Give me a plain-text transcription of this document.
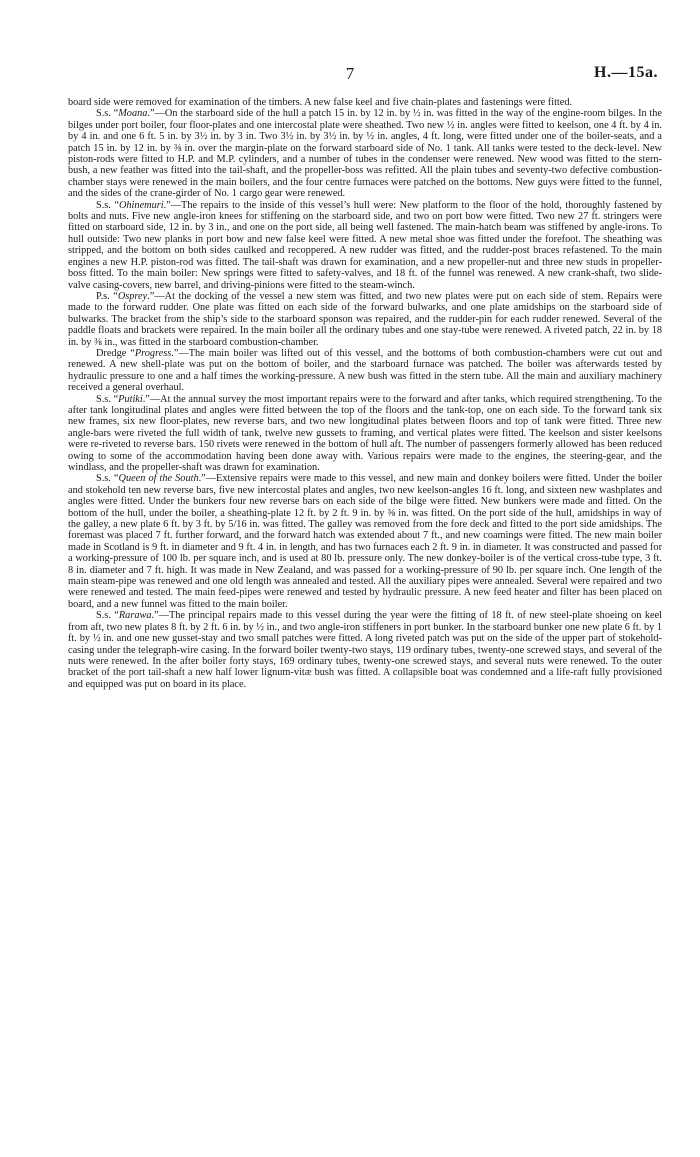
7	H.—15a.

board side were removed for examination of the timbers. A new false keel and five chain-plates and fastenings were fitted.

S.s. “Moana.”—On the starboard side of the hull a patch 15 in. by 12 in. by ½ in. was fitted in the way of the engine-room bilges. In the bilges under port boiler, four floor-plates and one intercostal plate were sheathed. Two new ½ in. angles were fitted to keelson, one 4 ft. by 4 in. by 4 in. and one 6 ft. 5 in. by 3½ in. by 3 in. Two 3½ in. by 3½ in. by ½ in. angles, 4 ft. long, were fitted under one of the boiler-seats, and a patch 15 in. by 12 in. by ⅜ in. over the margin-plate on the forward starboard side of No. 1 tank. All tanks were tested to the deck-level. New piston-rods were fitted to H.P. and M.P. cylinders, and a number of tubes in the condenser were renewed. New wood was fitted to the stern-bush, a new feather was fitted into the tail-shaft, and the propeller-boss was refitted. All the plain tubes and seventy-two defective combustion-chamber stays were renewed in the main boilers, and the four centre furnaces were patched on the bottoms. New guys were fitted to the funnel, and the sides of the crane-girder of No. 1 cargo gear were renewed.

S.s. “Ohinemuri.”—The repairs to the inside of this vessel’s hull were: New platform to the floor of the hold, thoroughly fastened by bolts and nuts. Five new angle-iron knees for stiffening on the starboard side, and two on port bow were fitted. Two new 27 ft. stringers were fitted on starboard side, 12 in. by 3 in., and one on the port side, all being well fastened. The main-hatch beam was stiffened by angle-irons. To hull outside: Two new planks in port bow and new false keel were fitted. A new metal shoe was fitted under the forefoot. The sheathing was stripped, and the bottom on both sides caulked and recoppered. A new rudder was fitted, and the rudder-post braces refastened. To the main engines a new H.P. piston-rod was fitted. The tail-shaft was drawn for examination, and a new propeller-nut and three new studs in propeller-boss fitted. To the main boiler: New springs were fitted to safety-valves, and 18 ft. of the funnel was renewed. A new crank-shaft, two slide-valve casing-covers, new barrel, and driving-pinions were fitted to the steam-winch.

P.s. “Osprey.”—At the docking of the vessel a new stem was fitted, and two new plates were put on each side of stem. Repairs were made to the forward rudder. One plate was fitted on each side of the forward bulwarks, and one plate amidships on the starboard side of bulwarks. The bracket from the ship’s side to the starboard sponson was repaired, and the rudder-pin for each rudder renewed. Several of the paddle floats and brackets were repaired. In the main boiler all the ordinary tubes and one stay-tube were renewed. A riveted patch, 22 in. by 18 in. by ⅜ in., was fitted in the starboard combustion-chamber.

Dredge “Progress.”—The main boiler was lifted out of this vessel, and the bottoms of both combustion-chambers were cut out and renewed. A new shell-plate was put on the bottom of boiler, and the starboard furnace was patched. The boiler was afterwards tested by hydraulic pressure to one and a half times the working-pressure. A new bush was fitted in the stern tube. All the main and auxiliary machinery received a general overhaul.

S.s. “Putiki.”—At the annual survey the most important repairs were to the forward and after tanks, which required strengthening. To the after tank longitudinal plates and angles were fitted between the top of the floors and the tank-top, one on each side. To the forward tank six new frames, six new floor-plates, new reverse bars, and two new longitudinal plates between floors and top of tank were fitted. Three new angle-bars were riveted the full width of tank, twelve new gussets to framing, and vertical plates were fitted. The keelson and sister keelsons were re-riveted to reverse bars. 150 rivets were renewed in the bottom of hull aft. The number of passengers formerly allowed has been reduced owing to some of the accommodation having been done away with. Various repairs were made to the engines, the steering-gear, and the windlass, and the propeller-shaft was drawn for examination.

S.s. “Queen of the South.”—Extensive repairs were made to this vessel, and new main and donkey boilers were fitted. Under the boiler and stokehold ten new reverse bars, five new intercostal plates and angles, two new keelson-angles 16 ft. long, and sixteen new washplates and angles were fitted. Under the bunkers four new reverse bars on each side of the bilge were fitted. New bunkers were made and fitted. On the bottom of the hull, under the boiler, a sheathing-plate 12 ft. by 2 ft. 9 in. by ⅜ in. was fitted. On the port side of the hull, amidships in way of the galley, a new plate 6 ft. by 3 ft. by 5/16 in. was fitted. The galley was removed from the fore deck and fitted to the port side amidships. The foremast was placed 7 ft. further forward, and the forward hatch was extended about 7 ft., and new coamings were fitted. The new main boiler made in Scotland is 9 ft. in diameter and 9 ft. 4 in. in length, and has two furnaces each 2 ft. 9 in. in diameter. It was constructed and passed for a working-pressure of 100 lb. per square inch, and is used at 80 lb. pressure only. The new donkey-boiler is of the vertical cross-tube type, 3 ft. 8 in. diameter and 7 ft. high. It was made in New Zealand, and was passed for a working-pressure of 90 lb. per square inch. One length of the main steam-pipe was renewed and one old length was annealed and tested. All the auxiliary pipes were annealed. Several were repaired and two were renewed and tested. The main feed-pipes were renewed and tested by hydraulic pressure. A new feed heater and filter has been placed on board, and a new funnel was fitted to the main boiler.

S.s. “Rarawa.”—The principal repairs made to this vessel during the year were the fitting of 18 ft. of new steel-plate shoeing on keel from aft, two new plates 8 ft. by 2 ft. 6 in. by ½ in., and two angle-iron stiffeners in port bunker. In the starboard bunker one new plate 6 ft. by 1 ft. by ½ in. and one new gusset-stay and two small patches were fitted. A long riveted patch was put on the side of the upper part of stokehold-casing under the telegraph-wire casing. In the forward boiler twenty-two stays, 119 ordinary tubes, twenty-one screwed stays, and several of the nuts were renewed. In the after boiler forty stays, 169 ordinary tubes, twenty-one screwed stays, and several nuts were renewed. To the outer bracket of the port tail-shaft a new half lower lignum-vitæ bush was fitted. A collapsible boat was condemned and a life-raft fully provisioned and equipped was put on board in its place.
